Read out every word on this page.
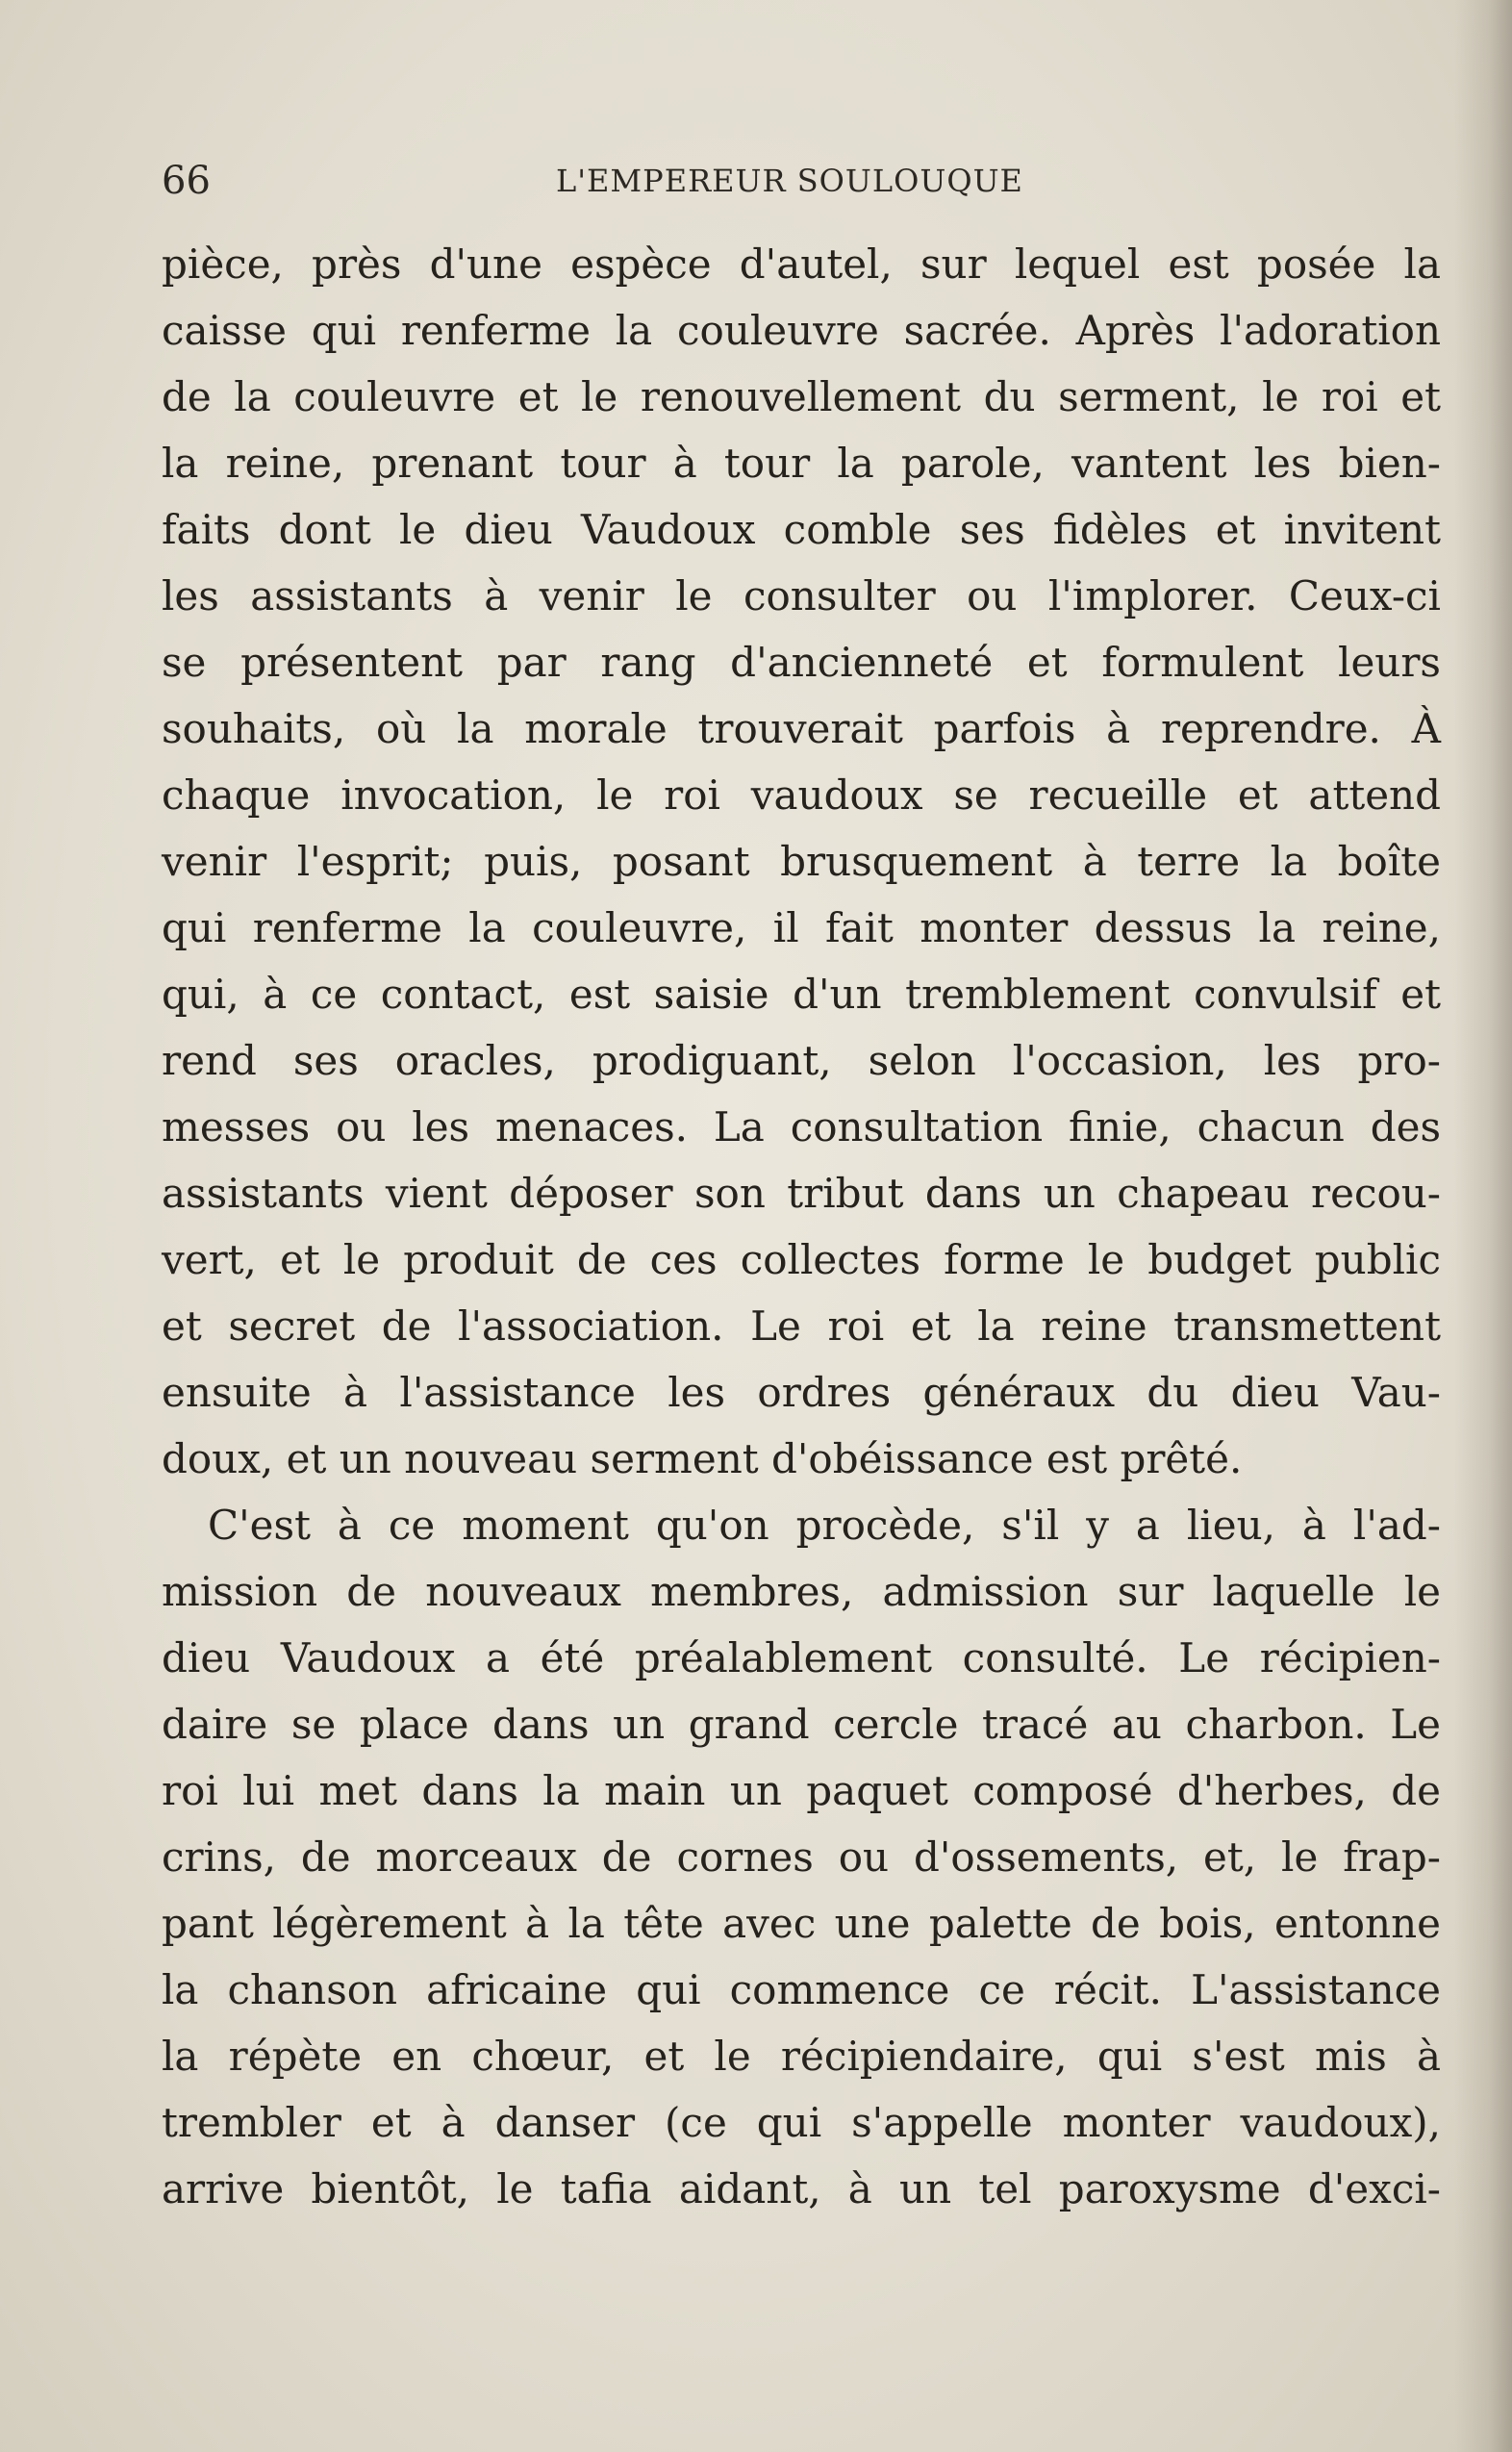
66	L'EMPEREUR SOULOUQUE
pièce, près d'une espèce d'autel, sur lequel est posée la
caisse qui renferme la couleuvre sacrée. Après l'adoration
de la couleuvre et le renouvellement du serment, le roi et
la reine, prenant tour à tour la parole, vantent les bien-
faits dont le dieu Vaudoux comble ses fidèles et invitent
les assistants à venir le consulter ou l'implorer. Ceux-ci
se présentent par rang d'ancienneté et formulent leurs
souhaits, où la morale trouverait parfois à reprendre. À
chaque invocation, le roi vaudoux se recueille et attend
venir l'esprit; puis, posant brusquement à terre la boîte
qui renferme la couleuvre, il fait monter dessus la reine,
qui, à ce contact, est saisie d'un tremblement convulsif et
rend ses oracles, prodiguant, selon l'occasion, les pro-
messes ou les menaces. La consultation finie, chacun des
assistants vient déposer son tribut dans un chapeau recou-
vert, et le produit de ces collectes forme le budget public
et secret de l'association. Le roi et la reine transmettent
ensuite à l'assistance les ordres généraux du dieu Vau-
doux, et un nouveau serment d'obéissance est prêté.
C'est à ce moment qu'on procède, s'il y a lieu, à l'ad-
mission de nouveaux membres, admission sur laquelle le
dieu Vaudoux a été préalablement consulté. Le récipien-
daire se place dans un grand cercle tracé au charbon. Le
roi lui met dans la main un paquet composé d'herbes, de
crins, de morceaux de cornes ou d'ossements, et, le frap-
pant légèrement à la tête avec une palette de bois, entonne
la chanson africaine qui commence ce récit. L'assistance
la répète en chœur, et le récipiendaire, qui s'est mis à
trembler et à danser (ce qui s'appelle monter vaudoux),
arrive bientôt, le tafia aidant, à un tel paroxysme d'exci-
